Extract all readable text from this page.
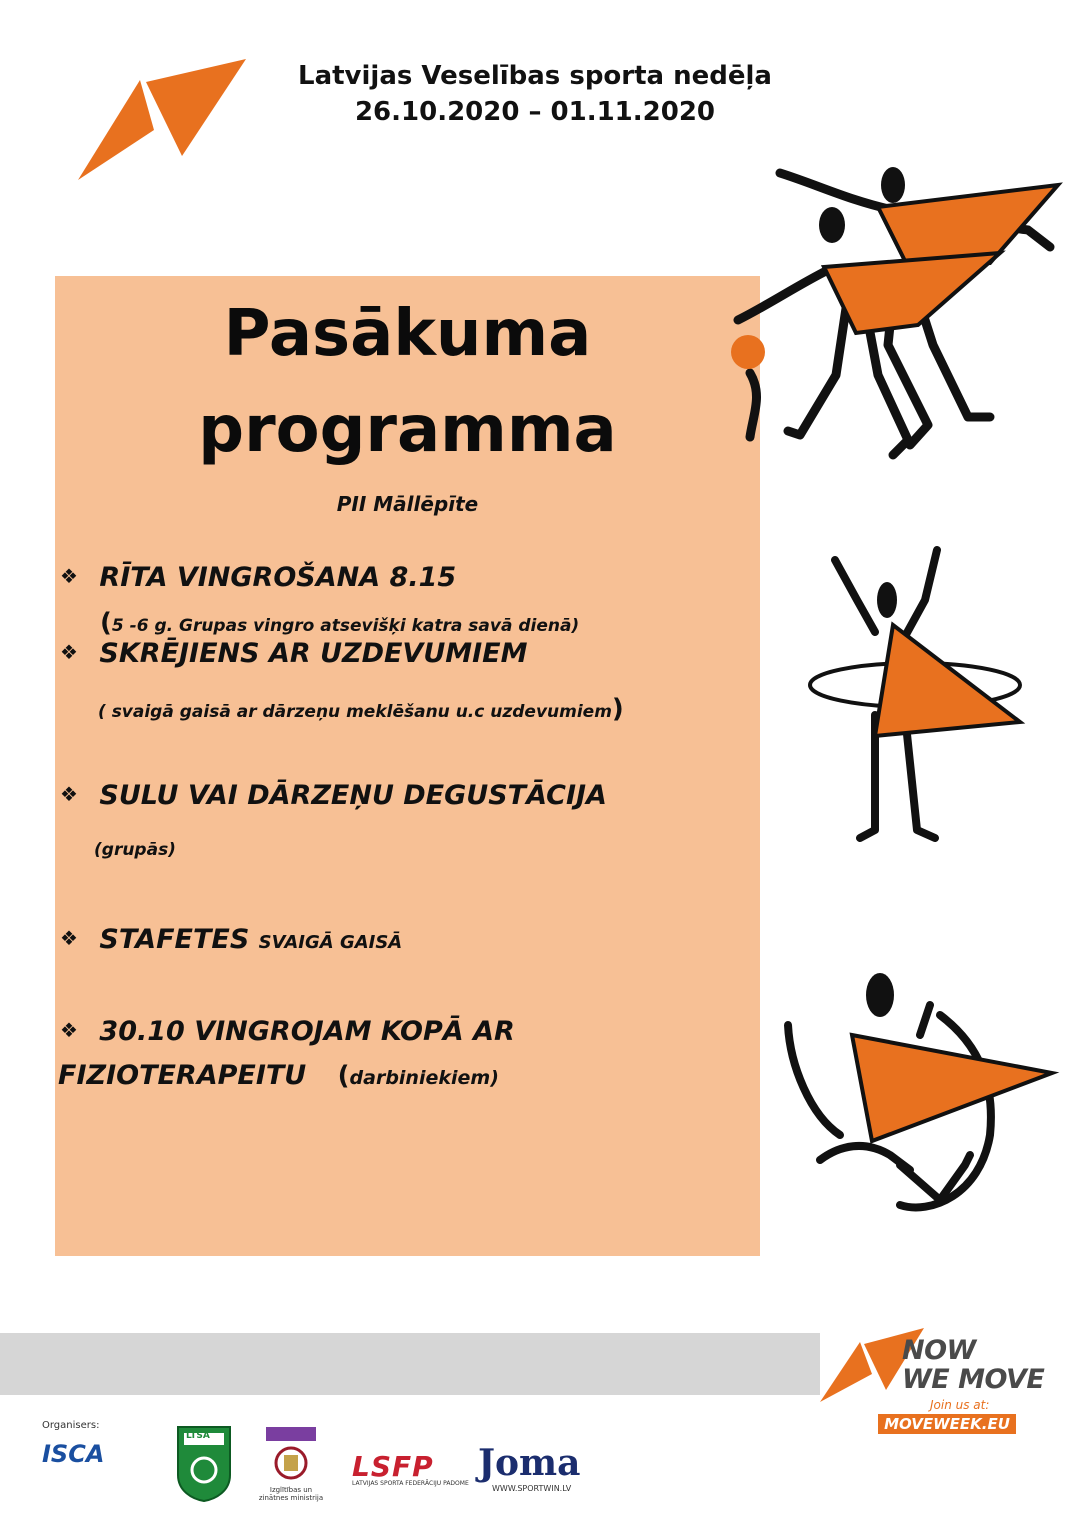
Latvijas Veselības sporta nedēļa
26.10.2020 – 01.11.2020
Pasākuma
programma
PII Māllēpīte
❖ RĪTA VINGROŠANA 8.15
(5 -6 g. Grupas vingro atsevišķi katra savā dienā)
❖ SKRĒJIENS AR UZDEVUMIEM
( svaigā gaisā ar dārzeņu meklēšanu u.c uzdevumiem)
❖ SULU VAI DĀRZEŅU DEGUSTĀCIJA
(grupās)
❖ STAFETES SVAIGĀ GAISĀ
❖ 30.10 VINGROJAM KOPĀ AR
FIZIOTERAPEITU (darbiniekiem)
NOW
WE MOVE
Join us at:
MOVEWEEK.EU
Organisers:
ISCA
LTSA
Izglītības un zinātnes ministrija
LSFP
LATVIJAS SPORTA FEDERĀCIJU PADOME Joma
WWW.SPORTWIN.LV
